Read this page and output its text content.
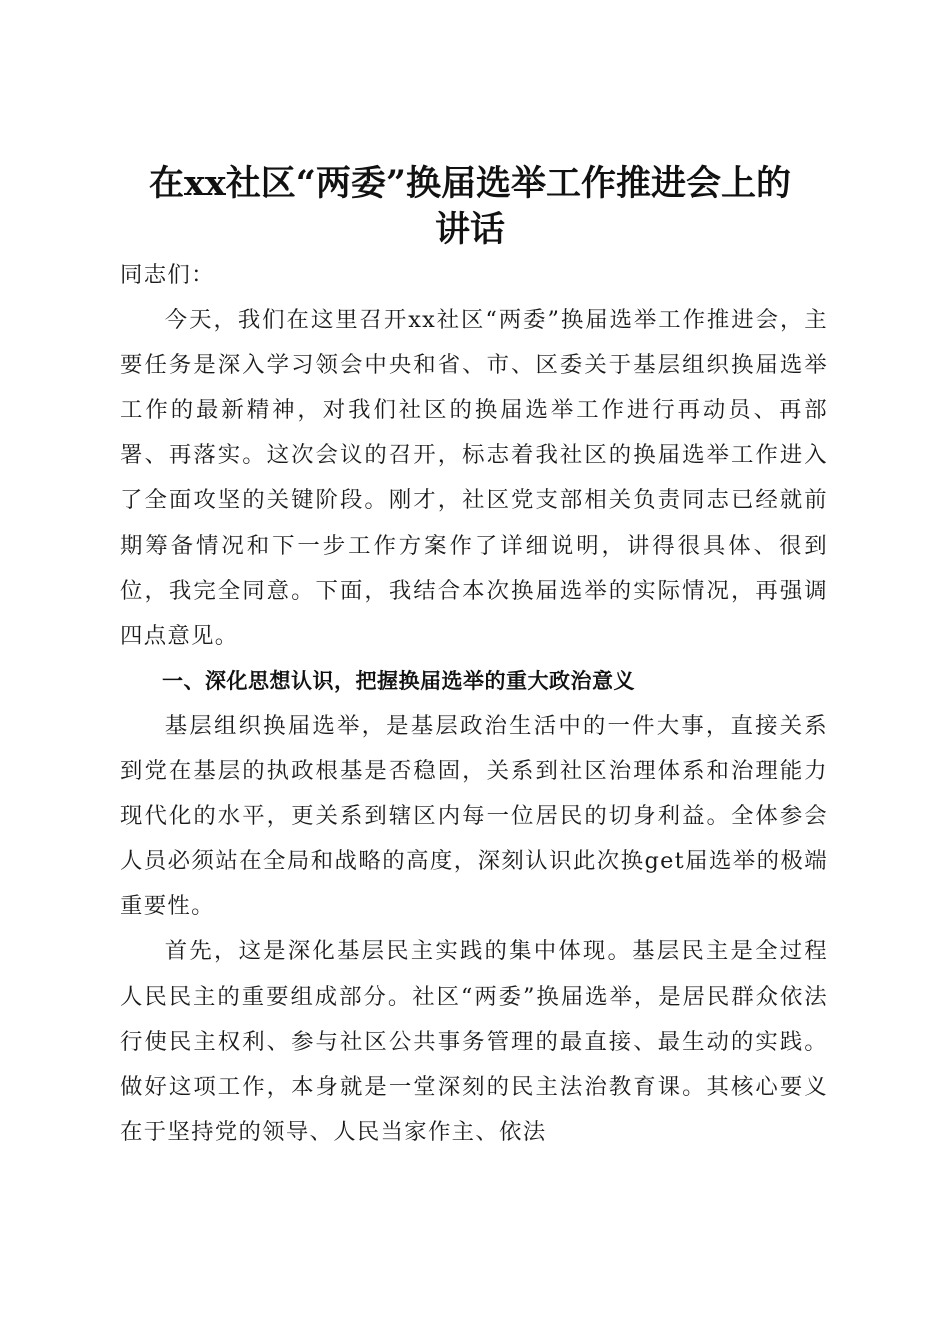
在xx社区“两委”换届选举工作推进会上的
讲话

同志们：

今天，我们在这里召开xx社区“两委”换届选举工作推进会，主要任务是深入学习领会中央和省、市、区委关于基层组织换届选举工作的最新精神，对我们社区的换届选举工作进行再动员、再部署、再落实。这次会议的召开，标志着我社区的换届选举工作进入了全面攻坚的关键阶段。刚才，社区党支部相关负责同志已经就前期筹备情况和下一步工作方案作了详细说明，讲得很具体、很到位，我完全同意。下面，我结合本次换届选举的实际情况，再强调四点意见。

一、深化思想认识，把握换届选举的重大政治意义

基层组织换届选举，是基层政治生活中的一件大事，直接关系到党在基层的执政根基是否稳固，关系到社区治理体系和治理能力现代化的水平，更关系到辖区内每一位居民的切身利益。全体参会人员必须站在全局和战略的高度，深刻认识此次换get届选举的极端重要性。

首先，这是深化基层民主实践的集中体现。基层民主是全过程人民民主的重要组成部分。社区“两委”换届选举，是居民群众依法行使民主权利、参与社区公共事务管理的最直接、最生动的实践。做好这项工作，本身就是一堂深刻的民主法治教育课。其核心要义在于坚持党的领导、人民当家作主、依法
